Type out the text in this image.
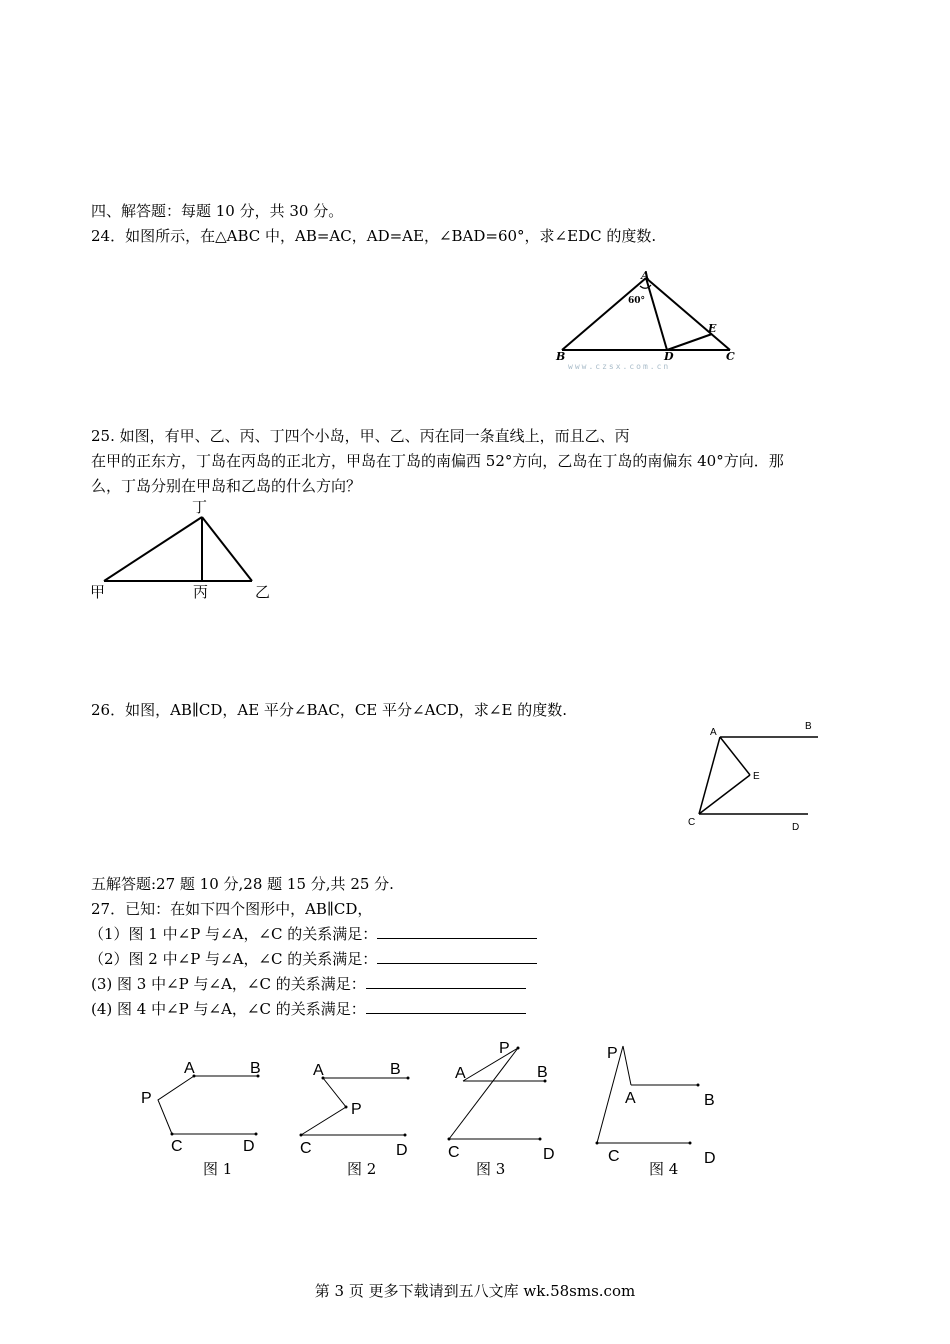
四、解答题：每题 10 分，共 30 分。
24．如图所示，在△ABC 中，AB=AC，AD=AE，∠BAD=60°，求∠EDC 的度数.
A
B	C
D
E
60°
www.czsx.com.cn
25. 如图，有甲、乙、丙、丁四个小岛，甲、乙、丙在同一条直线上，而且乙、丙
在甲的正东方，丁岛在丙岛的正北方，甲岛在丁岛的南偏西 52°方向，乙岛在丁岛的南偏东 40°方向．那
么，丁岛分别在甲岛和乙岛的什么方向？
丁
甲	丙	乙
26．如图，AB∥CD，AE 平分∠BAC，CE 平分∠ACD，求∠E 的度数.
A
B
E
C	D
五解答题:27 题 10 分,28 题 15 分,共 25 分.
27．已知：在如下四个图形中，AB∥CD，
（1）图 1 中∠P 与∠A，∠C 的关系满足：
（2）图 2 中∠P 与∠A，∠C 的关系满足：
(3) 图 3 中∠P 与∠A，∠C 的关系满足：
(4) 图 4 中∠P 与∠A，∠C 的关系满足：
A	B
P
C	D
A	B
P
C	D
P
A	B
C	D
P
A	B
C	D
图 1	图 2	图 3	图 4
第 3 页 更多下载请到五八文库 wk.58sms.com
